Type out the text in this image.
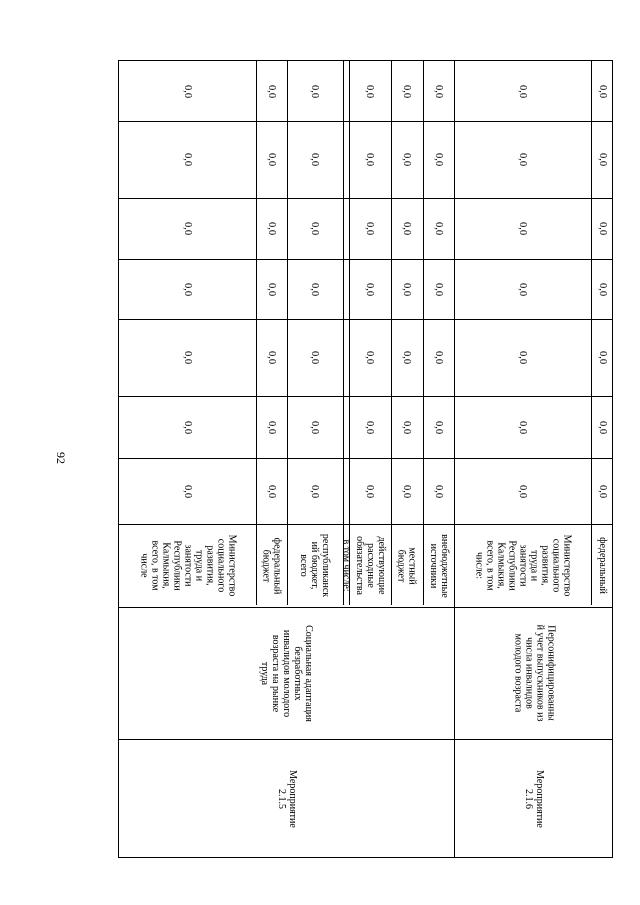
92
Мероприятие
2.1.5
Социальная адаптация
безработных
инвалидов молодого
возраста на рынке
труда
Министерство
социального
развития,
труда и
занятости
Республики
Калмыкия,
всего, в том
числе
0,0
0,0
0,0
0,0
0,0
0,0
0,0
федеральный
бюджет
0,0
0,0
0,0
0,0
0,0
0,0
0,0
республиканск
ий бюджет,
всего
0,0
0,0
0,0
0,0
0,0
0,0
0,0
в том числе: действующие
расходные
обязательства
0,0
0,0
0,0
0,0
0,0
0,0
0,0
местный
бюджет
0,0
0,0
0,0
0,0
0,0
0,0
0,0
внебюджетные
источники
0,0
0,0
0,0
0,0
0,0
0,0
0,0
Мероприятие
2.1.6
Персонифицированны
й учет выпускников из
числа инвалидов
молодого возраста
Министерство
социального
развития,
труда и
занятости
Республики
Калмыкия,
всего, в том
числе:
0,0
0,0
0,0
0,0
0,0
0,0
0,0
федеральный
0,0
0,0
0,0
0,0
0,0
0,0
0,0
